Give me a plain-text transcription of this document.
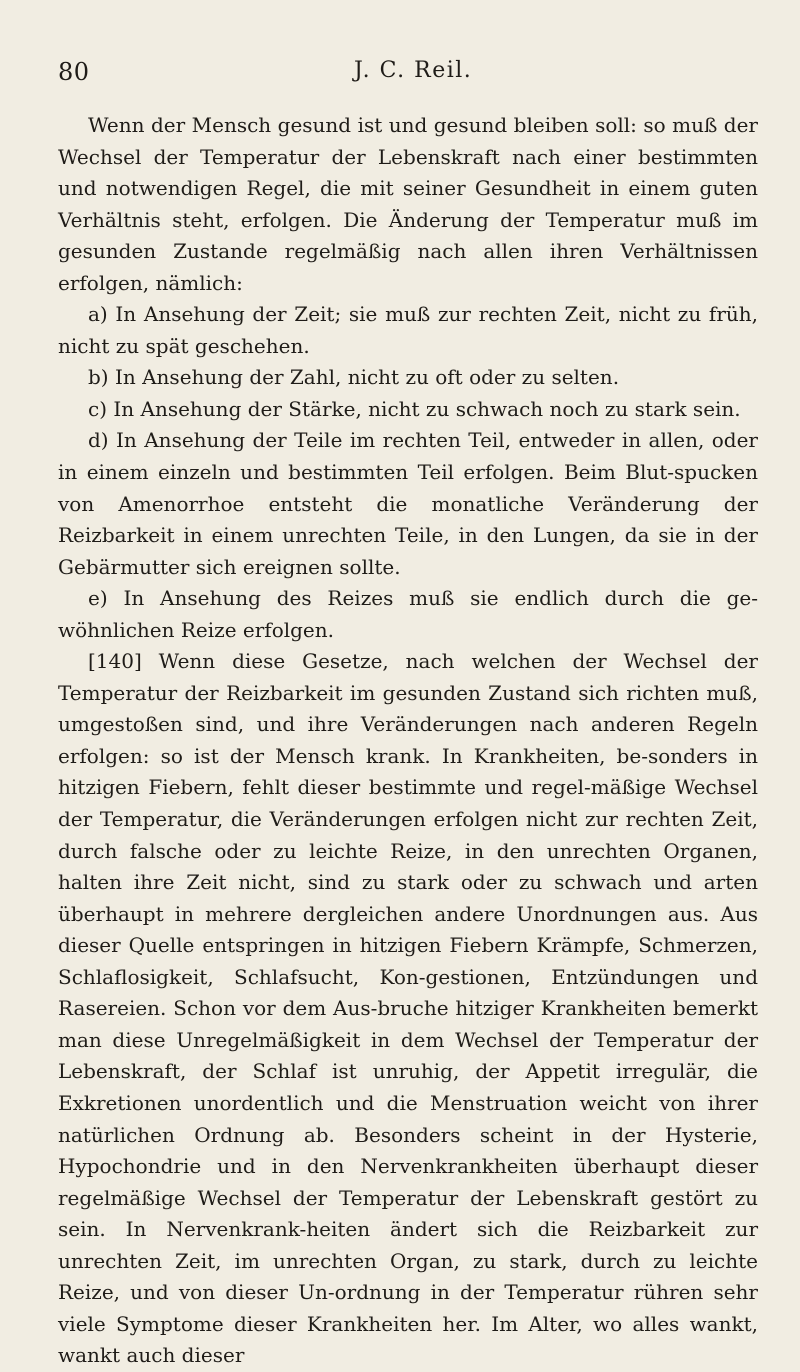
80	J. C. Reil.

Wenn der Mensch gesund ist und gesund bleiben soll: so muß der Wechsel der Temperatur der Lebenskraft nach einer bestimmten und notwendigen Regel, die mit seiner Gesundheit in einem guten Verhältnis steht, erfolgen. Die Änderung der Temperatur muß im gesunden Zustande regelmäßig nach allen ihren Verhältnissen erfolgen, nämlich:

a) In Ansehung der Zeit; sie muß zur rechten Zeit, nicht zu früh, nicht zu spät geschehen.

b) In Ansehung der Zahl, nicht zu oft oder zu selten.

c) In Ansehung der Stärke, nicht zu schwach noch zu stark sein.

d) In Ansehung der Teile im rechten Teil, entweder in allen, oder in einem einzeln und bestimmten Teil erfolgen. Beim Blut-spucken von Amenorrhoe entsteht die monatliche Veränderung der Reizbarkeit in einem unrechten Teile, in den Lungen, da sie in der Gebärmutter sich ereignen sollte.

e) In Ansehung des Reizes muß sie endlich durch die ge-wöhnlichen Reize erfolgen.

[140] Wenn diese Gesetze, nach welchen der Wechsel der Temperatur der Reizbarkeit im gesunden Zustand sich richten muß, umgestoßen sind, und ihre Veränderungen nach anderen Regeln erfolgen: so ist der Mensch krank. In Krankheiten, be-sonders in hitzigen Fiebern, fehlt dieser bestimmte und regel-mäßige Wechsel der Temperatur, die Veränderungen erfolgen nicht zur rechten Zeit, durch falsche oder zu leichte Reize, in den unrechten Organen, halten ihre Zeit nicht, sind zu stark oder zu schwach und arten überhaupt in mehrere dergleichen andere Unordnungen aus. Aus dieser Quelle entspringen in hitzigen Fiebern Krämpfe, Schmerzen, Schlaflosigkeit, Schlafsucht, Kon-gestionen, Entzündungen und Rasereien. Schon vor dem Aus-bruche hitziger Krankheiten bemerkt man diese Unregelmäßigkeit in dem Wechsel der Temperatur der Lebenskraft, der Schlaf ist unruhig, der Appetit irregulär, die Exkretionen unordentlich und die Menstruation weicht von ihrer natürlichen Ordnung ab. Besonders scheint in der Hysterie, Hypochondrie und in den Nervenkrankheiten überhaupt dieser regelmäßige Wechsel der Temperatur der Lebenskraft gestört zu sein. In Nervenkrank-heiten ändert sich die Reizbarkeit zur unrechten Zeit, im unrechten Organ, zu stark, durch zu leichte Reize, und von dieser Un-ordnung in der Temperatur rühren sehr viele Symptome dieser Krankheiten her. Im Alter, wo alles wankt, wankt auch dieser
